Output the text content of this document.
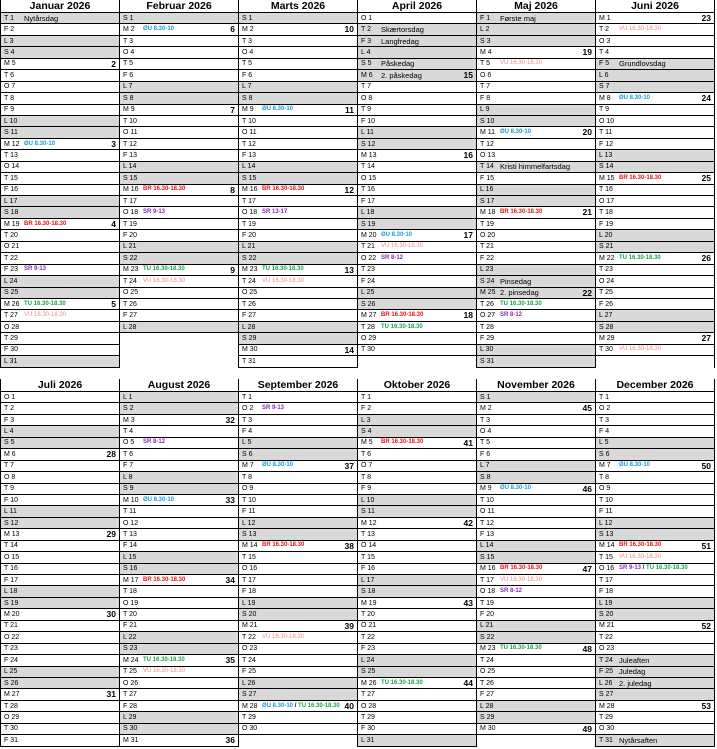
Januar 2026
T 1	Nytårsdag
F 2
L 3
S 4
M 5	2
T 6
O 7
T 8
F 9
L 10
S 11
M 12 ØU 8.30-10	3
T 13
O 14
T 15
F 16
L 17
S 18
M 19 BR 16.30-18.30	4
T 20
O 21
T 22
F 23 SR 9-13
L 24
S 25
M 26 TU 16.30-18.30	5
T 27	VU 16.30-18.30
O 28
T 29
F 30
L 31
Februar 2026
S 1
M 2	ØU 8.30-10	6
T 3
O 4
T 5
F 6
L 7
S 8
M 9	7
T 10
O 11
T 12
F 13
L 14
S 15
M 16 BR 16.30-18.30	8
T 17
O 18 SR 9-13
T 19
F 20
L 21
S 22
M 23 TU 16.30-18.30	9
T 24	VU 16.30-18.30
O 25
T 26
F 27
L 28
Marts 2026
S 1
M 2	10
T 3
O 4
T 5
F 6
L 7
S 8
M 9	ØU 8.30-10	11
T 10
O 11
T 12
F 13
L 14
S 15
M 16 BR 16.30-18.30	12
T 17
O 18 SR 13-17
T 19
F 20
L 21
S 22
M 23 TU 16.30-18.30	13
T 24	VU 16.30-18.30
O 25
T 26
F 27
L 28
S 29
M 30	14
T 31
April 2026
O 1
T 2	Skærtorsdag
F 3	Langfredag
L 4
S 5	Påskedag
M 6	2. påskedag	15
T 7
O 8
T 9
F 10
L 11
S 12
M 13	16
T 14
O 15
T 16
F 17
L 18
S 19
M 20 ØU 8.30-10	17
T 21	VU 16.30-18.30
O 22 SR 8-12
T 23
F 24
L 25
S 26
M 27 BR 16.30-18.30	18
T 28	TU 16.30-18.30
O 29
T 30
Maj 2026
F 1	Første maj
L 2
S 3
M 4	19
T 5	VU 16.30-18.30
O 6
T 7
F 8
L 9
S 10
M 11 ØU 8.30-10	20
T 12
O 13
T 14 Kristi himmelfartsdag
F 15
L 16
S 17
M 18 BR 16.30-18.30	21
T 19
O 20
T 21
F 22
L 23
S 24 Pinsedag
M 25 2. pinsedag	22
T 26	TU 16.30-18.30
O 27 SR 8-12
T 28
F 29
L 30
S 31
Juni 2026
M 1	23
T 2	VU 16.30-18.30
O 3
T 4
F 5	Grundlovsdag
L 6
S 7
M 8	ØU 8.30-10	24
T 9
O 10
T 11
F 12
L 13
S 14
M 15 BR 16.30-18.30	25
T 16
O 17
T 18
F 19
L 20
S 21
M 22 TU 16.30-18.30	26
T 23
O 24
T 25
F 26
L 27
S 28
M 29	27
T 30	VU 16.30-18.30
Juli 2026
O 1
T 2
F 3
L 4
S 5
M 6	28
T 7
O 8
T 9
F 10
L 11
S 12
M 13	29
T 14
O 15
T 16
F 17
L 18
S 19
M 20	30
T 21
O 22
T 23
F 24
L 25
S 26
M 27	31
T 28
O 29
T 30
F 31
August 2026
L 1
S 2
M 3	32
T 4
O 5	SR 8-12
T 6
F 7
L 8
S 9
M 10 ØU 8.30-10	33
T 11
O 12
T 13
F 14
L 15
S 16
M 17 BR 16.30-18.30	34
T 18
O 19
T 20
F 21
L 22
S 23
M 24 TU 16.30-18.30	35
T 25	VU 16.30-18.30
O 26
T 27
F 28
L 29
S 30
M 31	36
September 2026
T 1
O 2	SR 9-13
T 3
F 4
L 5
S 6
M 7	ØU 8.30-10	37
T 8
O 9
T 10
F 11
L 12
S 13
M 14 BR 16.30-18.30	38
T 15
O 16
T 17
F 18
L 19
S 20
M 21	39
T 22	VU 16.30-18.30
O 23
T 24
F 25
L 26
S 27
M 28 ØU 8.30-10 / TU 16.30-18.30 40
T 29
O 30
Oktober 2026
T 1
F 2
L 3
S 4
M 5	BR 16.30-18.30	41
T 6
O 7
T 8
F 9
L 10
S 11
M 12	42
T 13
O 14
T 15
F 16
L 17
S 18
M 19	43
T 20
O 21
T 22
F 23
L 24
S 25
M 26 TU 16.30-18.30	44
T 27
O 28
T 29
F 30
L 31
November 2026
S 1
M 2	45
T 3
O 4
T 5
F 6
L 7
S 8
M 9	ØU 8.30-10	46
T 10
O 11
T 12
F 13
L 14
S 15
M 16 BR 16.30-18.30	47
T 17	VU 16.30-18.30
O 18 SR 8-12
T 19
F 20
L 21
S 22
M 23 TU 16.30-18.30	48
T 24
O 25
T 26
F 27
L 28
S 29
M 30	49
December 2026
T 1
O 2
T 3
F 4
L 5
S 6
M 7	ØU 8.30-10	50
T 8
O 9
T 10
F 11
L 12
S 13
M 14 BR 16.30-18.30	51
T 15	VU 16.30-18.30
O 16 SR 9-13 / TU 16.30-18.30
T 17
F 18
L 19
S 20
M 21	52
T 22
O 23
T 24 Juleaften
F 25 Juledag
L 26 2. juledag
S 27
M 28	53
T 29
O 30
T 31 Nytårsaften
